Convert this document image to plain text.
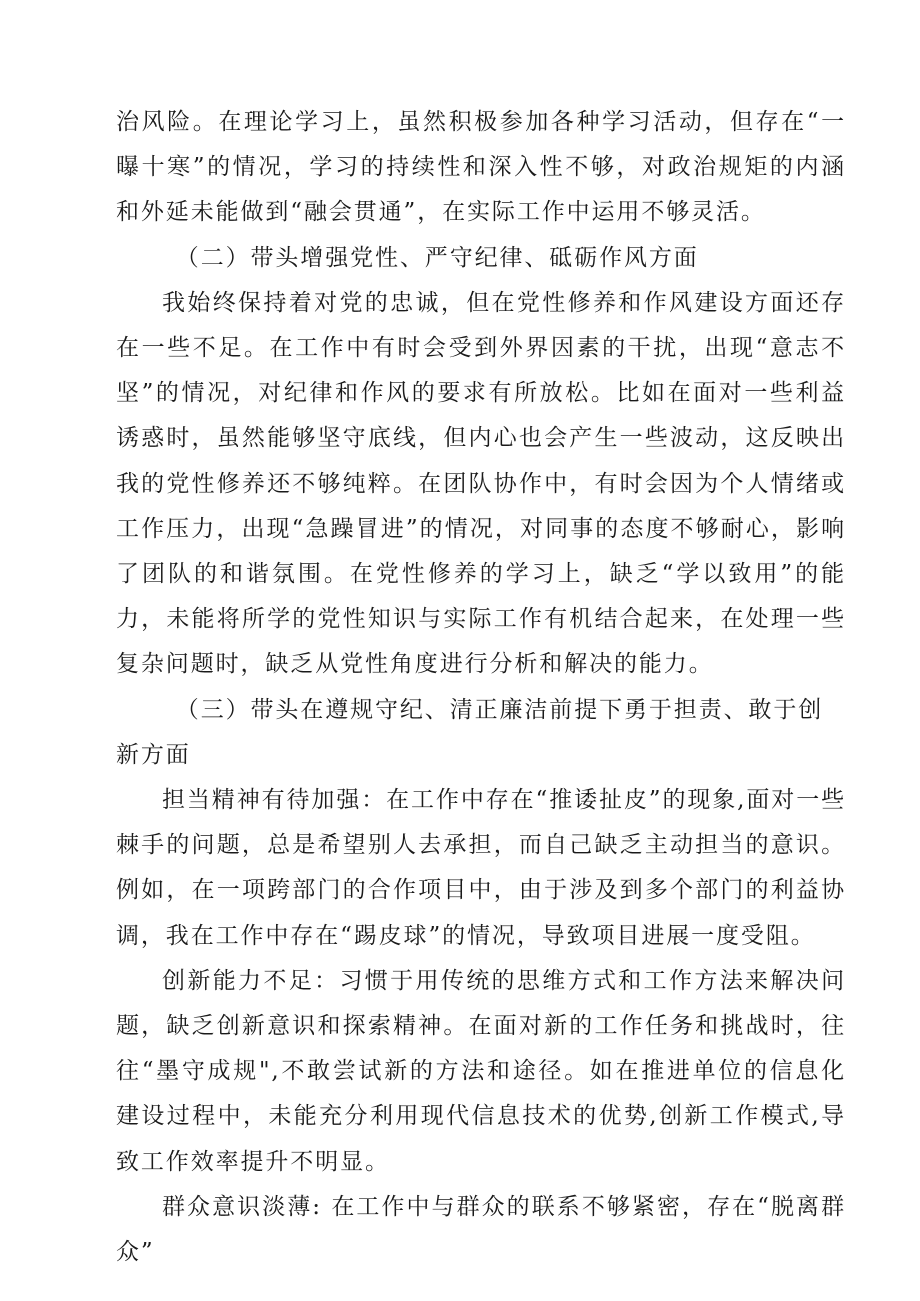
治风险。在理论学习上，虽然积极参加各种学习活动，但存在“一曝十寒”的情况，学习的持续性和深入性不够，对政治规矩的内涵和外延未能做到“融会贯通”，在实际工作中运用不够灵活。

（二）带头增强党性、严守纪律、砥砺作风方面

我始终保持着对党的忠诚，但在党性修养和作风建设方面还存在一些不足。在工作中有时会受到外界因素的干扰，出现“意志不坚”的情况，对纪律和作风的要求有所放松。比如在面对一些利益诱惑时，虽然能够坚守底线，但内心也会产生一些波动，这反映出我的党性修养还不够纯粹。在团队协作中，有时会因为个人情绪或工作压力，出现“急躁冒进”的情况，对同事的态度不够耐心，影响了团队的和谐氛围。在党性修养的学习上，缺乏“学以致用”的能力，未能将所学的党性知识与实际工作有机结合起来，在处理一些复杂问题时，缺乏从党性角度进行分析和解决的能力。

（三）带头在遵规守纪、清正廉洁前提下勇于担责、敢于创新方面

担当精神有待加强：在工作中存在“推诿扯皮”的现象,面对一些棘手的问题，总是希望别人去承担，而自己缺乏主动担当的意识。例如，在一项跨部门的合作项目中，由于涉及到多个部门的利益协调，我在工作中存在“踢皮球”的情况，导致项目进展一度受阻。

创新能力不足：习惯于用传统的思维方式和工作方法来解决问题，缺乏创新意识和探索精神。在面对新的工作任务和挑战时，往往“墨守成规",不敢尝试新的方法和途径。如在推进单位的信息化建设过程中，未能充分利用现代信息技术的优势,创新工作模式,导致工作效率提升不明显。

群众意识淡薄: 在工作中与群众的联系不够紧密，存在“脱离群众”
